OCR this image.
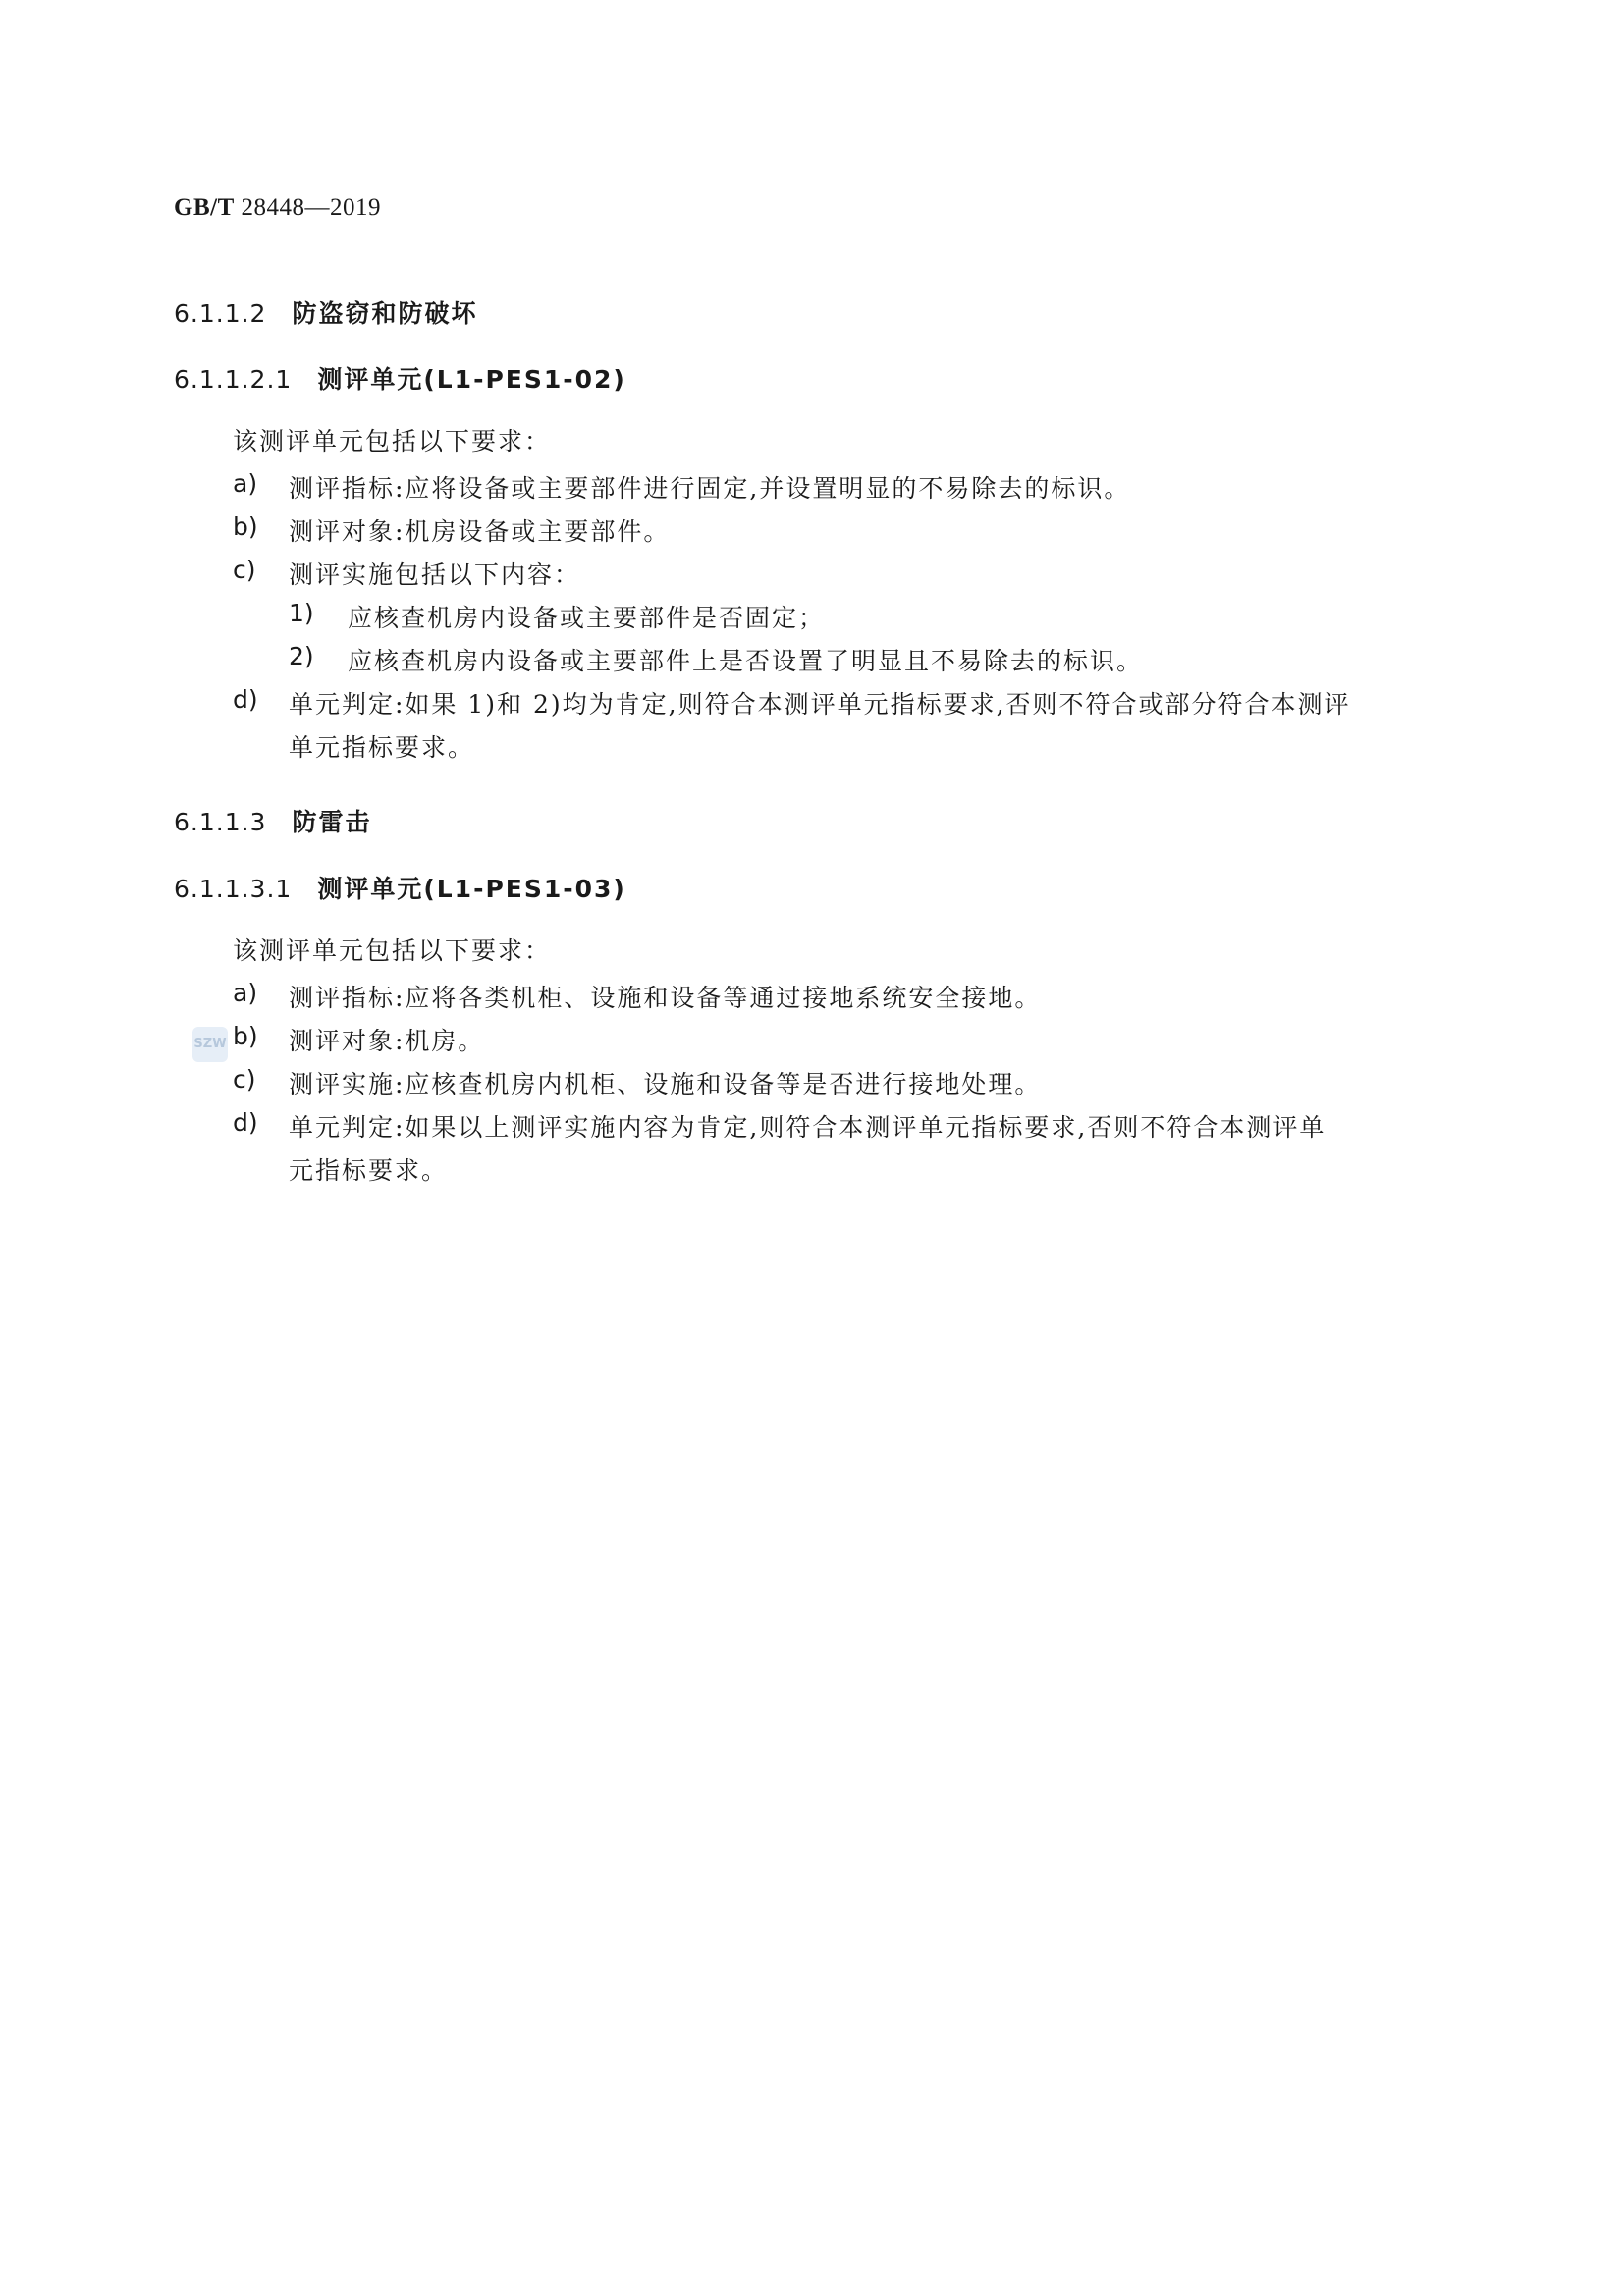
GB/T 28448—2019
6.1.1.2 防盗窃和防破坏
6.1.1.2.1 测评单元(L1-PES1-02)
该测评单元包括以下要求：
a) 测评指标:应将设备或主要部件进行固定,并设置明显的不易除去的标识。
b) 测评对象:机房设备或主要部件。
c) 测评实施包括以下内容：
1) 应核查机房内设备或主要部件是否固定；
2) 应核查机房内设备或主要部件上是否设置了明显且不易除去的标识。
d) 单元判定:如果 1)和 2)均为肯定,则符合本测评单元指标要求,否则不符合或部分符合本测评
单元指标要求。
6.1.1.3 防雷击
6.1.1.3.1 测评单元(L1-PES1-03)
该测评单元包括以下要求：
a) 测评指标:应将各类机柜、设施和设备等通过接地系统安全接地。
SZW b) 测评对象:机房。
c) 测评实施:应核查机房内机柜、设施和设备等是否进行接地处理。
d) 单元判定:如果以上测评实施内容为肯定,则符合本测评单元指标要求,否则不符合本测评单
元指标要求。
